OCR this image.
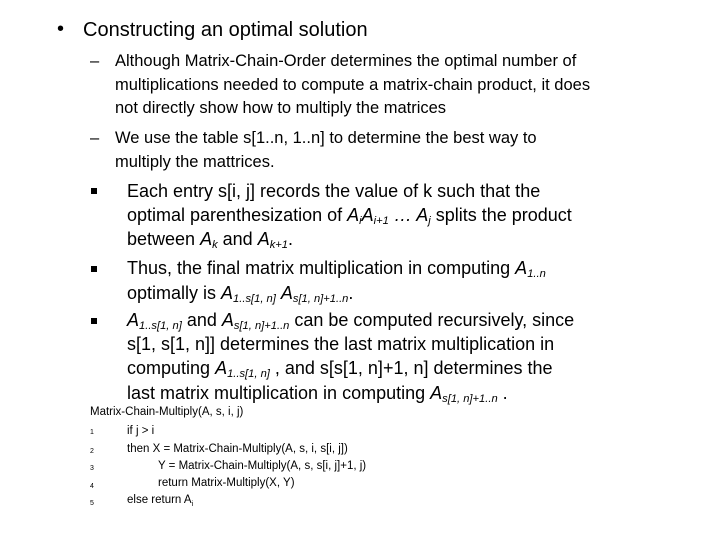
• Constructing an optimal solution
– Although Matrix-Chain-Order determines the optimal number of
multiplications needed to compute a matrix-chain product, it does
not directly show how to multiply the matrices
– We use the table s[1..n, 1..n] to determine the best way to
multiply the mattrices.
Each entry s[i, j] records the value of k such that the
optimal parenthesization of $A_iA_{i+1}$ … $A_j$ splits the product
between $A_k$ and $A_{k+1}$.
Thus, the final matrix multiplication in computing $A_{1..n}$
optimally is $A_{1..s[1, n]}$ $A_{s[1, n]+1..n}$.
$A_{1..s[1, n]}$ and $A_{s[1, n]+1..n}$ can be computed recursively, since
s[1, s[1, n]] determines the last matrix multiplication in
computing $A_{1..s[1, n]}$ , and s[s[1, n]+1, n] determines the
last matrix multiplication in computing $A_{s[1, n]+1..n}$ .
Matrix-Chain-Multiply(A, s, i, j)
1	if j > i
2	then X = Matrix-Chain-Multiply(A, s, i, s[i, j])
3	Y = Matrix-Chain-Multiply(A, s, s[i, j]+1, j)
4	return Matrix-Multiply(X, Y)
5	else return $A_i$
